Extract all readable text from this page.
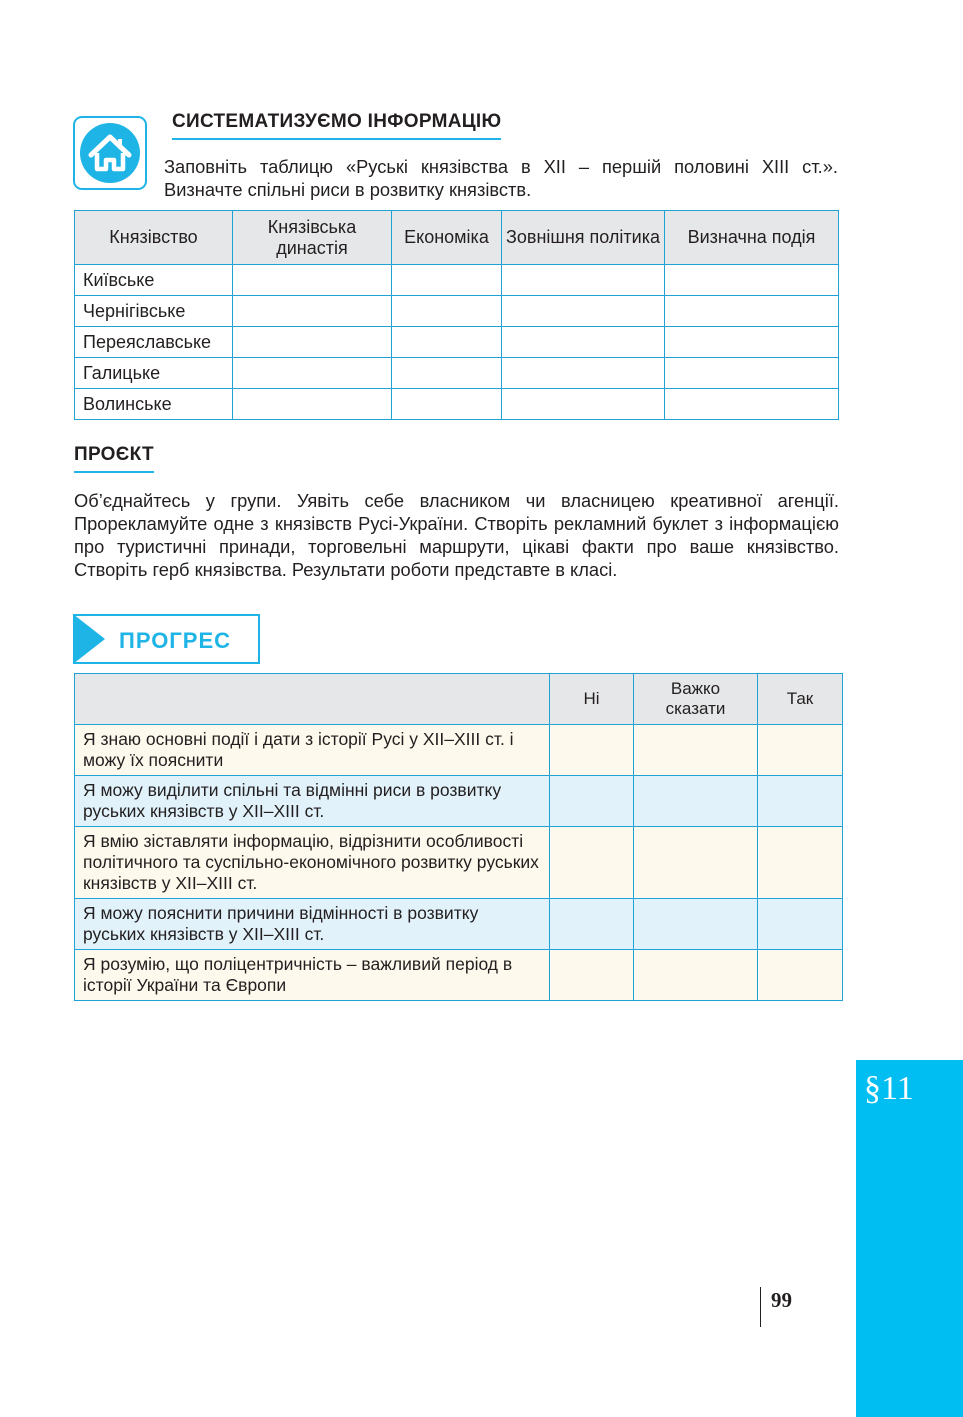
СИСТЕМАТИЗУЄМО ІНФОРМАЦІЮ
Заповніть таблицю «Руські князівства в ХІІ – першій половині ХІІІ ст.». Визначте спільні риси в розвитку князівств.
Князівство	Князівська династія	Економіка	Зовнішня політика	Визначна подія
Київське				
Чернігівське				
Переяславське				
Галицьке				
Волинське				
ПРОЄКТ
Об’єднайтесь у групи. Уявіть себе власником чи власницею креативної агенції. Прорекламуйте одне з князівств Русі-України. Створіть рекламний буклет з інформацією про туристичні принади, торговельні маршрути, цікаві факти про ваше князівство. Створіть герб князівства. Результати роботи представте в класі.
ПРОГРЕС
	Ні	Важко сказати	Так
Я знаю основні події і дати з історії Русі у ХІІ–ХІІІ ст. і можу їх пояснити			
Я можу виділити спільні та відмінні риси в розвитку руських князівств у ХІІ–ХІІІ ст.			
Я вмію зіставляти інформацію, відрізнити особливості політичного та суспільно-економічного розвитку руських князівств у ХІІ–ХІІІ ст.			
Я можу пояснити причини відмінності в розвитку руських князівств у ХІІ–ХІІІ ст.			
Я розумію, що поліцентричність – важливий період в історії України та Європи			
§11
99
